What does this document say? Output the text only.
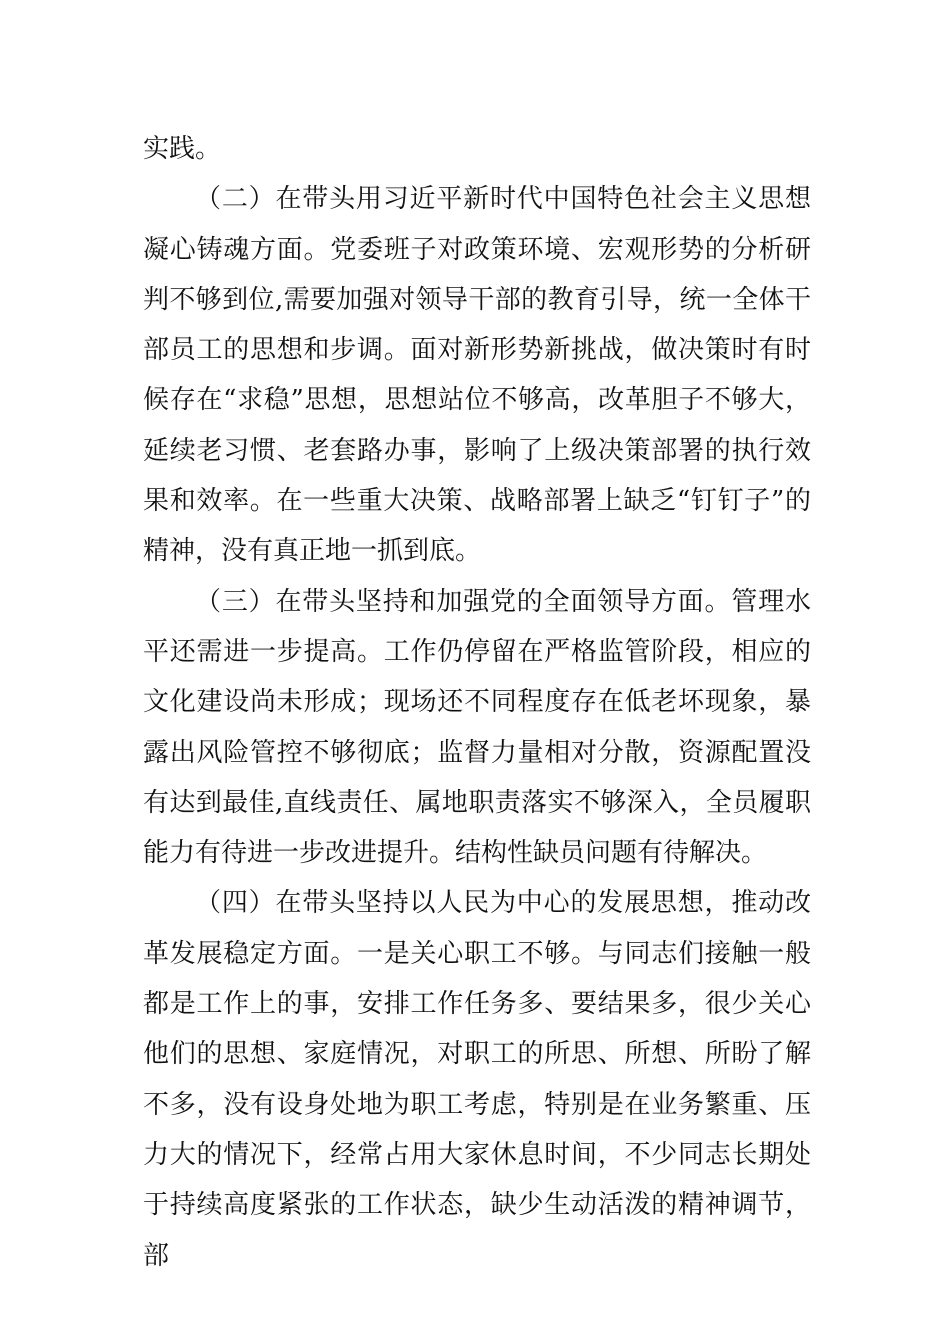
实践。

（二）在带头用习近平新时代中国特色社会主义思想凝心铸魂方面。党委班子对政策环境、宏观形势的分析研判不够到位,需要加强对领导干部的教育引导，统一全体干部员工的思想和步调。面对新形势新挑战，做决策时有时候存在“求稳”思想，思想站位不够高，改革胆子不够大，延续老习惯、老套路办事，影响了上级决策部署的执行效果和效率。在一些重大决策、战略部署上缺乏“钉钉子”的精神，没有真正地一抓到底。

（三）在带头坚持和加强党的全面领导方面。管理水平还需进一步提高。工作仍停留在严格监管阶段，相应的文化建设尚未形成；现场还不同程度存在低老坏现象，暴露出风险管控不够彻底；监督力量相对分散，资源配置没有达到最佳,直线责任、属地职责落实不够深入，全员履职能力有待进一步改进提升。结构性缺员问题有待解决。

（四）在带头坚持以人民为中心的发展思想，推动改革发展稳定方面。一是关心职工不够。与同志们接触一般都是工作上的事，安排工作任务多、要结果多，很少关心他们的思想、家庭情况，对职工的所思、所想、所盼了解不多，没有设身处地为职工考虑，特别是在业务繁重、压力大的情况下，经常占用大家休息时间，不少同志长期处于持续高度紧张的工作状态，缺少生动活泼的精神调节，部
